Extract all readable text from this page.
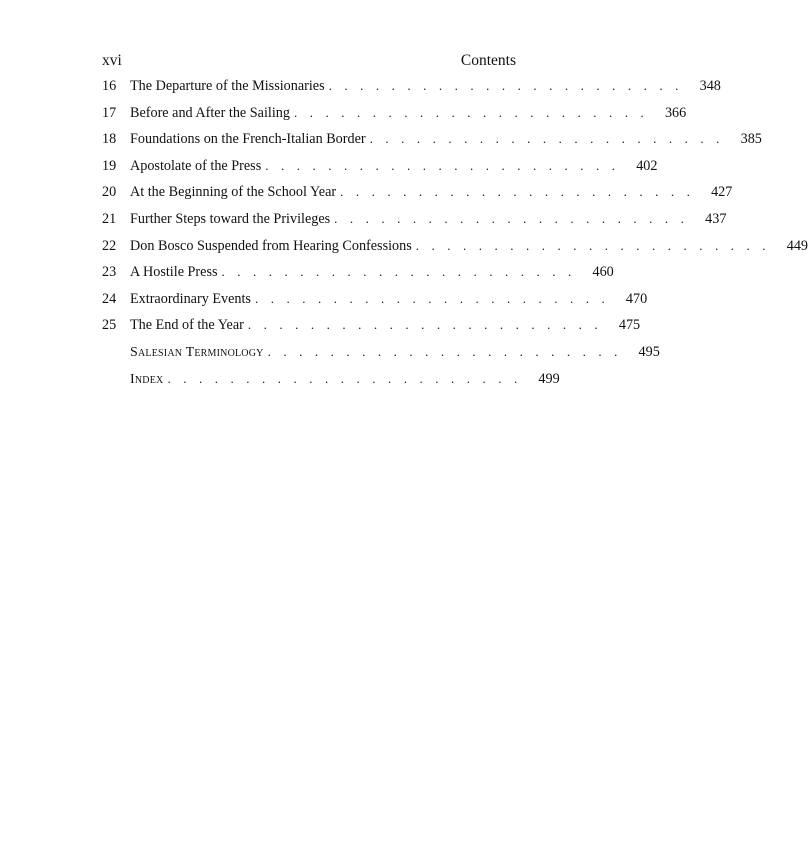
xvi	Contents
16 The Departure of the Missionaries ....................... 348
17 Before and After the Sailing ....................... 366
18 Foundations on the French-Italian Border ....................... 385
19 Apostolate of the Press ....................... 402
20 At the Beginning of the School Year ....................... 427
21 Further Steps toward the Privileges ....................... 437
22 Don Bosco Suspended from Hearing Confessions ....................... 449
23 A Hostile Press ....................... 460
24 Extraordinary Events ....................... 470
25 The End of the Year ....................... 475
Salesian Terminology ....................... 495
Index ....................... 499
